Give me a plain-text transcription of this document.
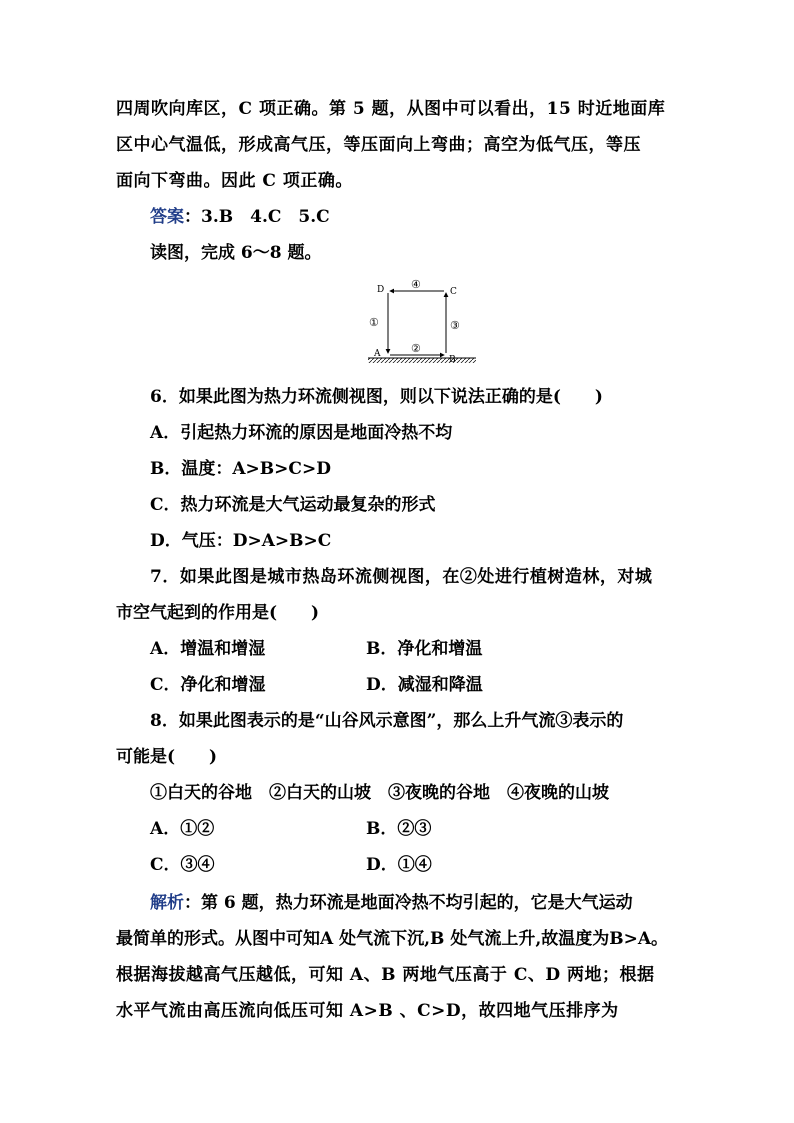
四周吹向库区，C 项正确。第 5 题，从图中可以看出，15 时近地面库
区中心气温低，形成高气压，等压面向上弯曲；高空为低气压，等压
面向下弯曲。因此 C 项正确。
答案：3.B　4.C　5.C
读图，完成 6～8 题。
D	C
A
B
④
①
②
③
6．如果此图为热力环流侧视图，则以下说法正确的是(　　)
A．引起热力环流的原因是地面冷热不均
B．温度：A>B>C>D
C．热力环流是大气运动最复杂的形式
D．气压：D>A>B>C
7．如果此图是城市热岛环流侧视图，在②处进行植树造林，对城
市空气起到的作用是(　　)
A．增温和增湿	B．净化和增温
C．净化和增湿	D．减湿和降温
8．如果此图表示的是“山谷风示意图”，那么上升气流③表示的
可能是(　　)
①白天的谷地　②白天的山坡　③夜晚的谷地　④夜晚的山坡
A．①②	B．②③
C．③④	D．①④
解析：第 6 题，热力环流是地面冷热不均引起的，它是大气运动
最简单的形式。从图中可知A 处气流下沉,B 处气流上升,故温度为B>A。
根据海拔越高气压越低，可知 A、B 两地气压高于 C、D 两地；根据
水平气流由高压流向低压可知 A>B 、C>D，故四地气压排序为
